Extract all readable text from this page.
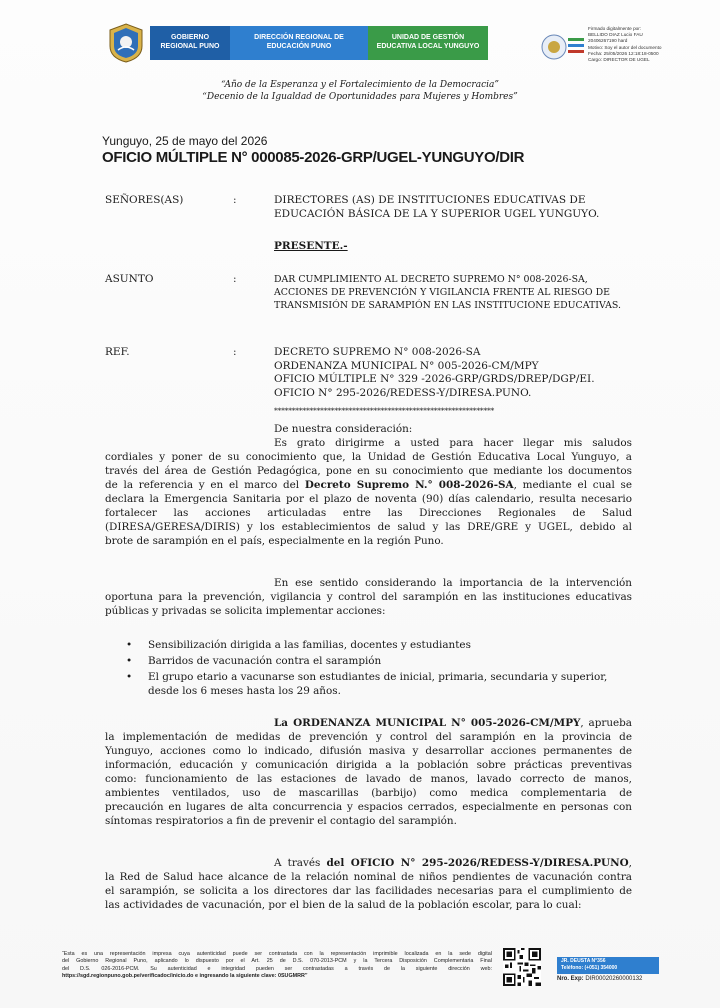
GOBIERNO
REGIONAL PUNO
DIRECCIÓN REGIONAL DE
EDUCACIÓN PUNO
UNIDAD DE GESTIÓN
EDUCATIVA LOCAL YUNGUYO
Firmado digitalmente por:
BELLIDO DIAZ Lucio FAU
20406267190 hard
Motivo: Soy el autor del documento
Fecha: 25/05/2026 12:18:18-0500
Cargo: DIRECTOR DE UGEL
“Año de la Esperanza y el Fortalecimiento de la Democracia”
“Decenio de la Igualdad de Oportunidades para Mujeres y Hombres”
Yunguyo, 25 de mayo del 2026
OFICIO MÚLTIPLE N° 000085-2026-GRP/UGEL-YUNGUYO/DIR
SEÑORES(AS)	:	DIRECTORES (AS) DE INSTITUCIONES EDUCATIVAS DE
EDUCACIÓN BÁSICA DE LA Y SUPERIOR UGEL YUNGUYO.
PRESENTE.-
ASUNTO	:	DAR CUMPLIMIENTO AL DECRETO SUPREMO N° 008-2026-SA,
ACCIONES DE PREVENCIÓN Y VIGILANCIA FRENTE AL RIESGO DE
TRANSMISIÓN DE SARAMPIÓN EN LAS INSTITUCIONE EDUCATIVAS.
REF.	:	DECRETO SUPREMO N° 008-2026-SA
ORDENANZA MUNICIPAL N° 005-2026-CM/MPY
OFICIO MÚLTIPLE N° 329 -2026-GRP/GRDS/DREP/DGP/EI.
OFICIO N° 295-2026/REDESS-Y/DIRESA.PUNO.
**************************************************************
De nuestra consideración:
Es grato dirigirme a usted para hacer llegar mis saludos
cordiales y poner de su conocimiento que, la Unidad de Gestión Educativa Local Yunguyo, a
través del área de Gestión Pedagógica, pone en su conocimiento que mediante los documentos
de la referencia y en el marco del Decreto Supremo N.° 008-2026-SA, mediante el cual se
declara la Emergencia Sanitaria por el plazo de noventa (90) días calendario, resulta necesario
fortalecer las acciones articuladas entre las Direcciones Regionales de Salud
(DIRESA/GERESA/DIRIS) y los establecimientos de salud y las DRE/GRE y UGEL, debido al
brote de sarampión en el país, especialmente en la región Puno.
En ese sentido considerando la importancia de la intervención
oportuna para la prevención, vigilancia y control del sarampión en las instituciones educativas
públicas y privadas se solicita implementar acciones:
• Sensibilización dirigida a las familias, docentes y estudiantes
• Barridos de vacunación contra el sarampión
• El grupo etario a vacunarse son estudiantes de inicial, primaria, secundaria y superior,
desde los 6 meses hasta los 29 años.
La ORDENANZA MUNICIPAL N° 005-2026-CM/MPY, aprueba
la implementación de medidas de prevención y control del sarampión en la provincia de
Yunguyo, acciones como lo indicado, difusión masiva y desarrollar acciones permanentes de
información, educación y comunicación dirigida a la población sobre prácticas preventivas
como: funcionamiento de las estaciones de lavado de manos, lavado correcto de manos,
ambientes ventilados, uso de mascarillas (barbijo) como medica complementaria de
precaución en lugares de alta concurrencia y espacios cerrados, especialmente en personas con
síntomas respiratorios a fin de prevenir el contagio del sarampión.
A través del OFICIO N° 295-2026/REDESS-Y/DIRESA.PUNO,
la Red de Salud hace alcance de la relación nominal de niños pendientes de vacunación contra
el sarampión, se solicita a los directores dar las facilidades necesarias para el cumplimiento de
las actividades de vacunación, por el bien de la salud de la población escolar, para lo cual:
“Esta es una representación impresa cuya autenticidad puede ser contrastada con la representación imprimible localizada en la sede digital
del Gobierno Regional Puno, aplicando lo dispuesto por el Art. 25 de D.S. 070-2013-PCM y la Tercera Disposición Complementaria Final
del D.S. 026-2016-PCM. Su autenticidad e integridad pueden ser contrastadas a través de la siguiente dirección web:
https://sgd.regionpuno.gob.pe/verificadoc/inicio.do e ingresando la siguiente clave: 0SUGMRR”
JR. DEUSTA N°356
Teléfono: (+051) 354000
Nro. Exp: DIR00020260000132
